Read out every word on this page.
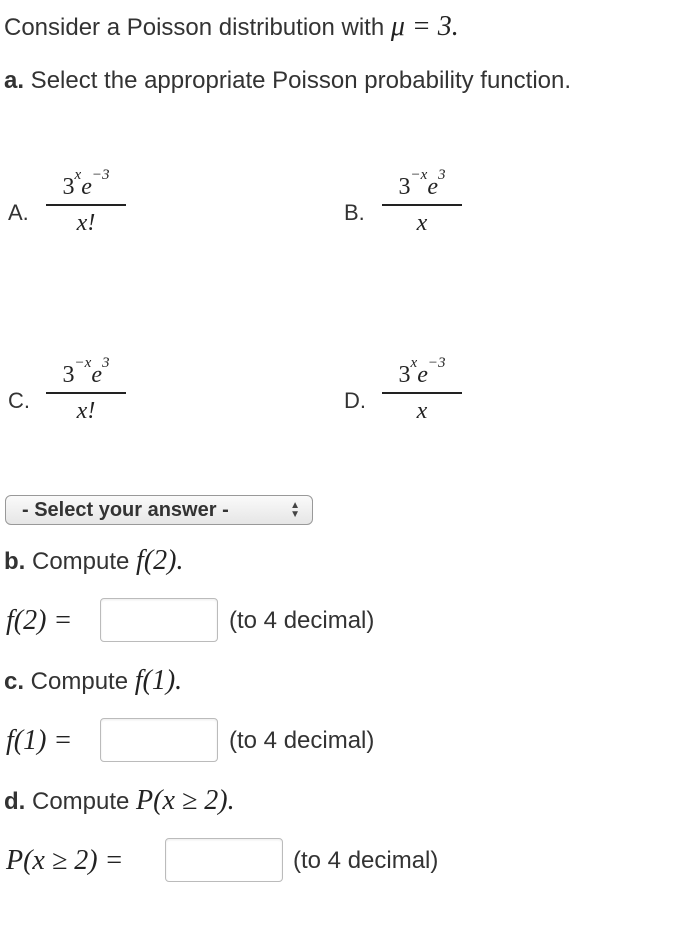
Consider a Poisson distribution with μ = 3.
a. Select the appropriate Poisson probability function.
A.
$3^xe^{-3}$
x!	B.
$3^{-x}e^3$
x
C.
$3^{-x}e^3$
x!	D.
$3^xe^{-3}$
x
- Select your answer -	▲
▼
b. Compute f(2).
f(2) =	(to 4 decimal)
c. Compute f(1).
f(1) =	(to 4 decimal)
d. Compute P(x ≥ 2).
P(x ≥ 2) =	(to 4 decimal)
